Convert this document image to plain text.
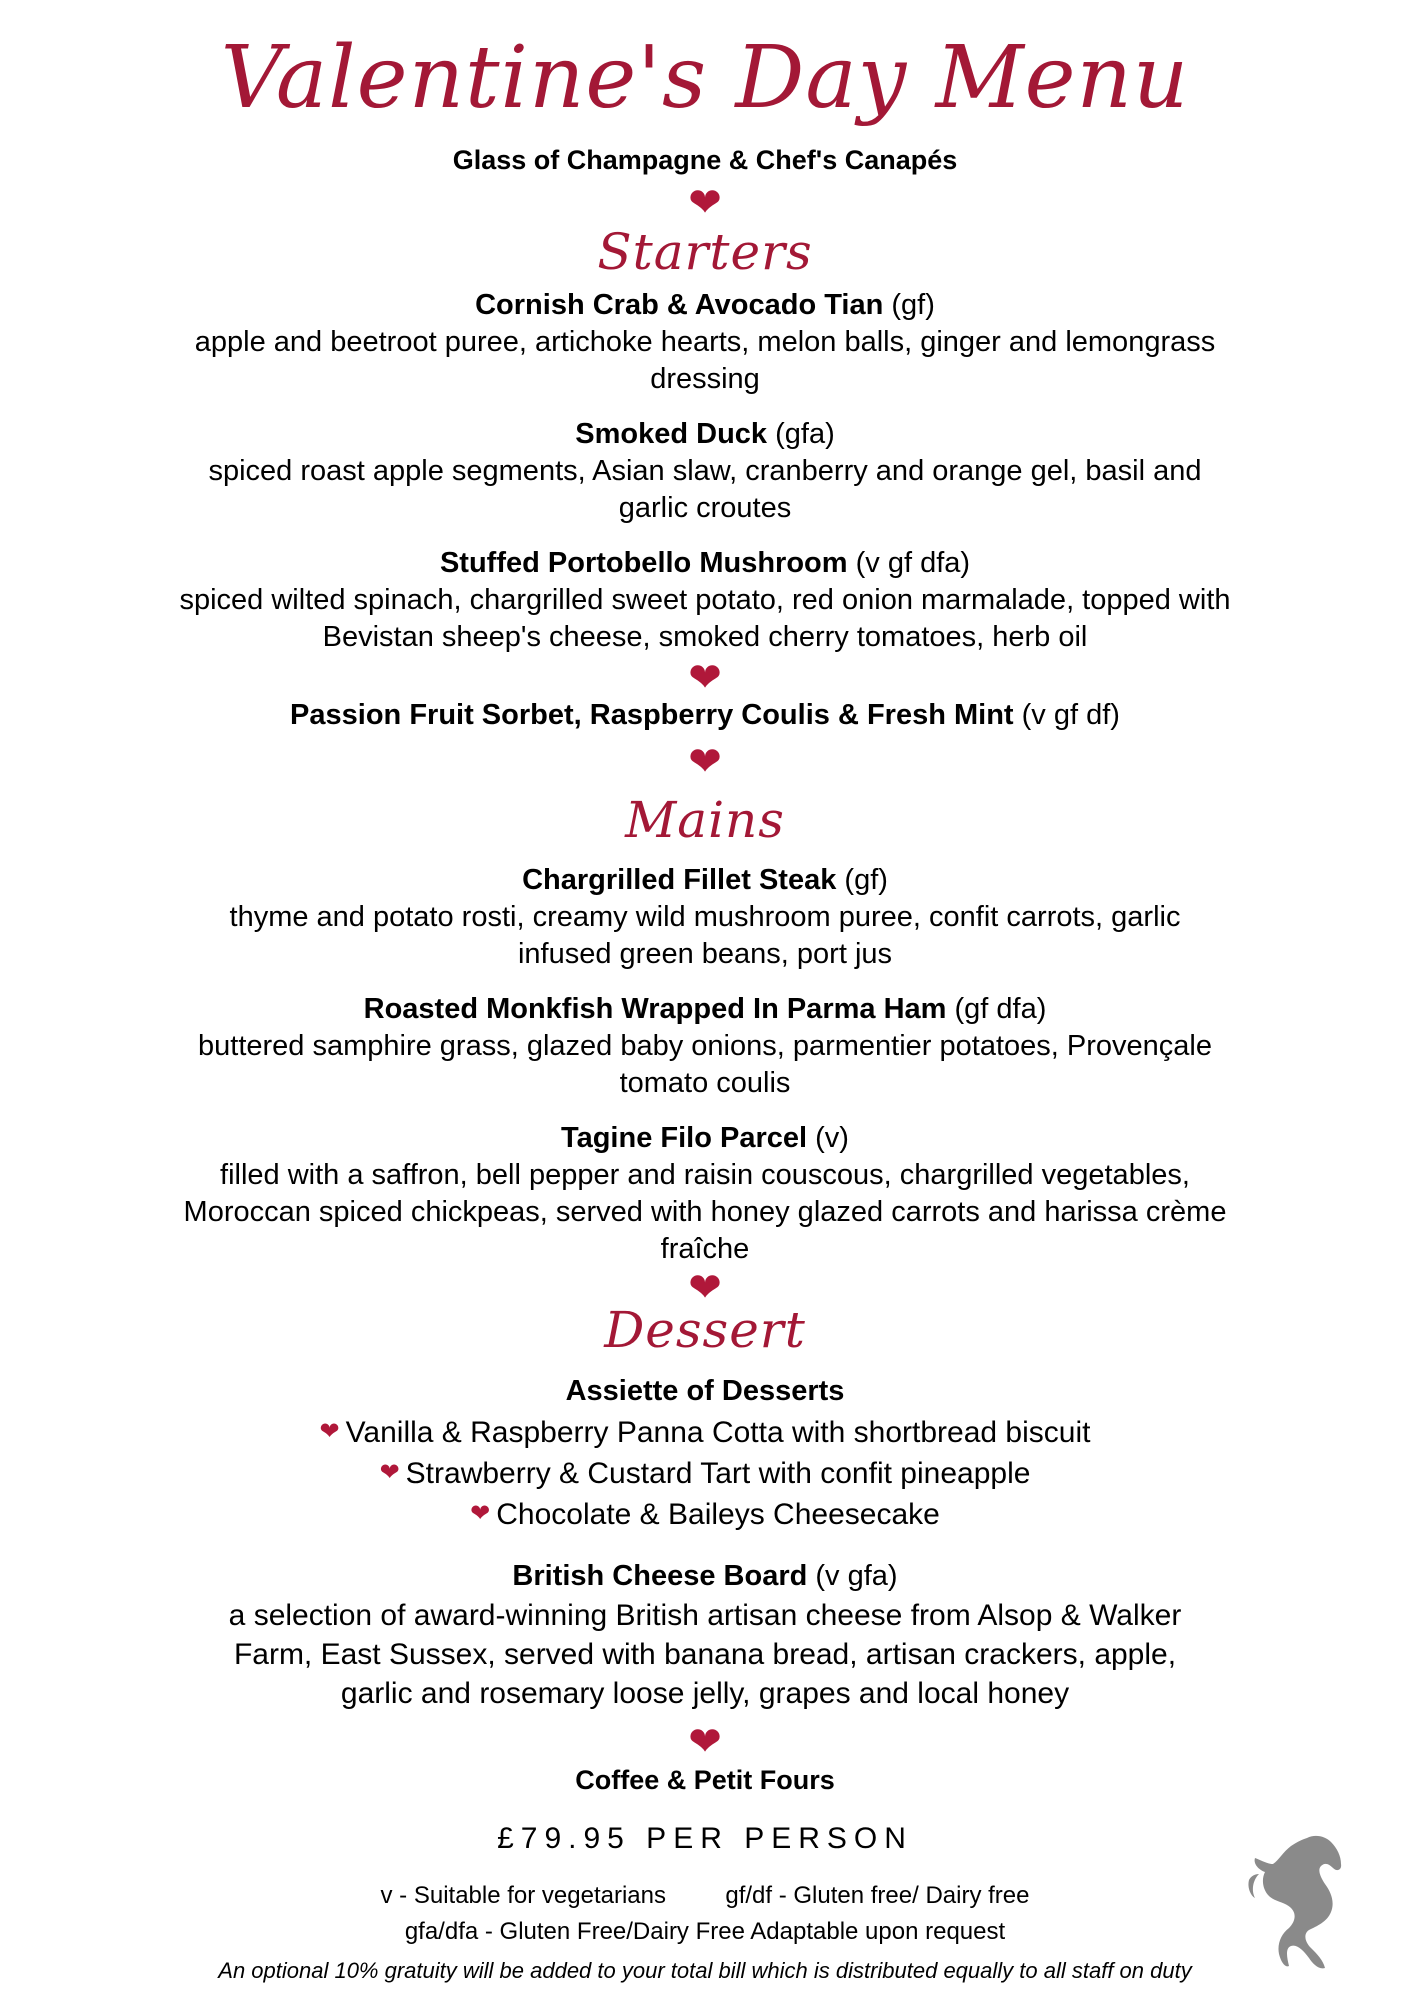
Valentine's Day Menu
Glass of Champagne & Chef's Canapés
❤
Starters
Cornish Crab & Avocado Tian (gf)
apple and beetroot puree, artichoke hearts, melon balls, ginger and lemongrass
dressing
Smoked Duck (gfa)
spiced roast apple segments, Asian slaw, cranberry and orange gel, basil and
garlic croutes
Stuffed Portobello Mushroom (v gf dfa)
spiced wilted spinach, chargrilled sweet potato, red onion marmalade, topped with
Bevistan sheep's cheese, smoked cherry tomatoes, herb oil
❤
Passion Fruit Sorbet, Raspberry Coulis & Fresh Mint (v gf df)
❤
Mains
Chargrilled Fillet Steak (gf)
thyme and potato rosti, creamy wild mushroom puree, confit carrots, garlic
infused green beans, port jus
Roasted Monkfish Wrapped In Parma Ham (gf dfa)
buttered samphire grass, glazed baby onions, parmentier potatoes, Provençale
tomato coulis
Tagine Filo Parcel (v)
filled with a saffron, bell pepper and raisin couscous, chargrilled vegetables,
Moroccan spiced chickpeas, served with honey glazed carrots and harissa crème
fraîche
❤
Dessert
Assiette of Desserts
❤ Vanilla & Raspberry Panna Cotta with shortbread biscuit
❤ Strawberry & Custard Tart with confit pineapple
❤ Chocolate & Baileys Cheesecake
British Cheese Board (v gfa)
a selection of award-winning British artisan cheese from Alsop & Walker
Farm, East Sussex, served with banana bread, artisan crackers, apple,
garlic and rosemary loose jelly, grapes and local honey
❤
Coffee & Petit Fours
£79.95 PER PERSON
v - Suitable for vegetarians gf/df - Gluten free/ Dairy free
gfa/dfa - Gluten Free/Dairy Free Adaptable upon request
An optional 10% gratuity will be added to your total bill which is distributed equally to all staff on duty
